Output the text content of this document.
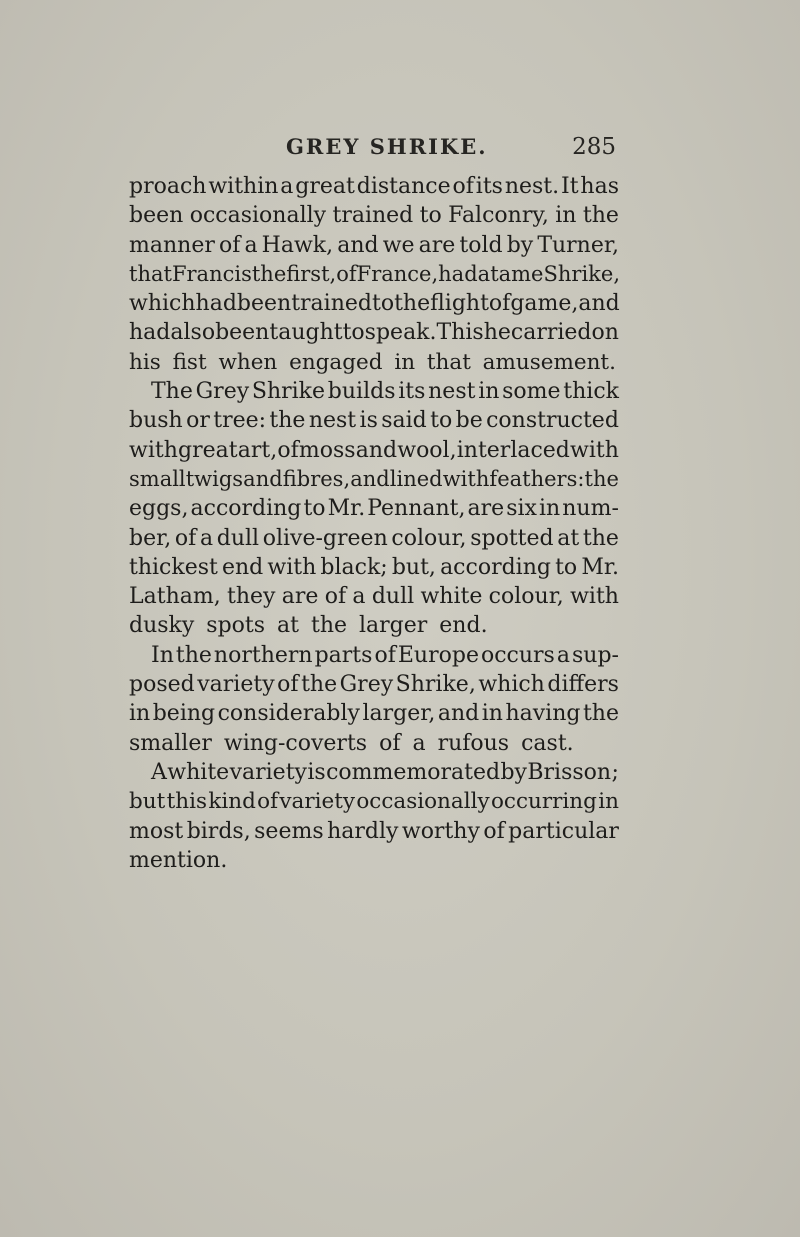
GREY SHRIKE.	285
proach within a great distance of its nest. It has
been occasionally trained to Falconry, in the
manner of a Hawk, and we are told by Turner,
that Francis the first, of France, had a tame Shrike,
which had been trained to the flight of game, and
had also been taught to speak. This he carried on
his fist when engaged in that amusement.
The Grey Shrike builds its nest in some thick
bush or tree: the nest is said to be constructed
with great art, of moss and wool, interlaced with
small twigs and fibres, and lined with feathers: the
eggs, according to Mr. Pennant, are six in num-
ber, of a dull olive-green colour, spotted at the
thickest end with black; but, according to Mr.
Latham, they are of a dull white colour, with
dusky spots at the larger end.
In the northern parts of Europe occurs a sup-
posed variety of the Grey Shrike, which differs
in being considerably larger, and in having the
smaller wing-coverts of a rufous cast.
A white variety is commemorated by Brisson ;
but this kind of variety occasionally occurring in
most birds, seems hardly worthy of particular
mention.
